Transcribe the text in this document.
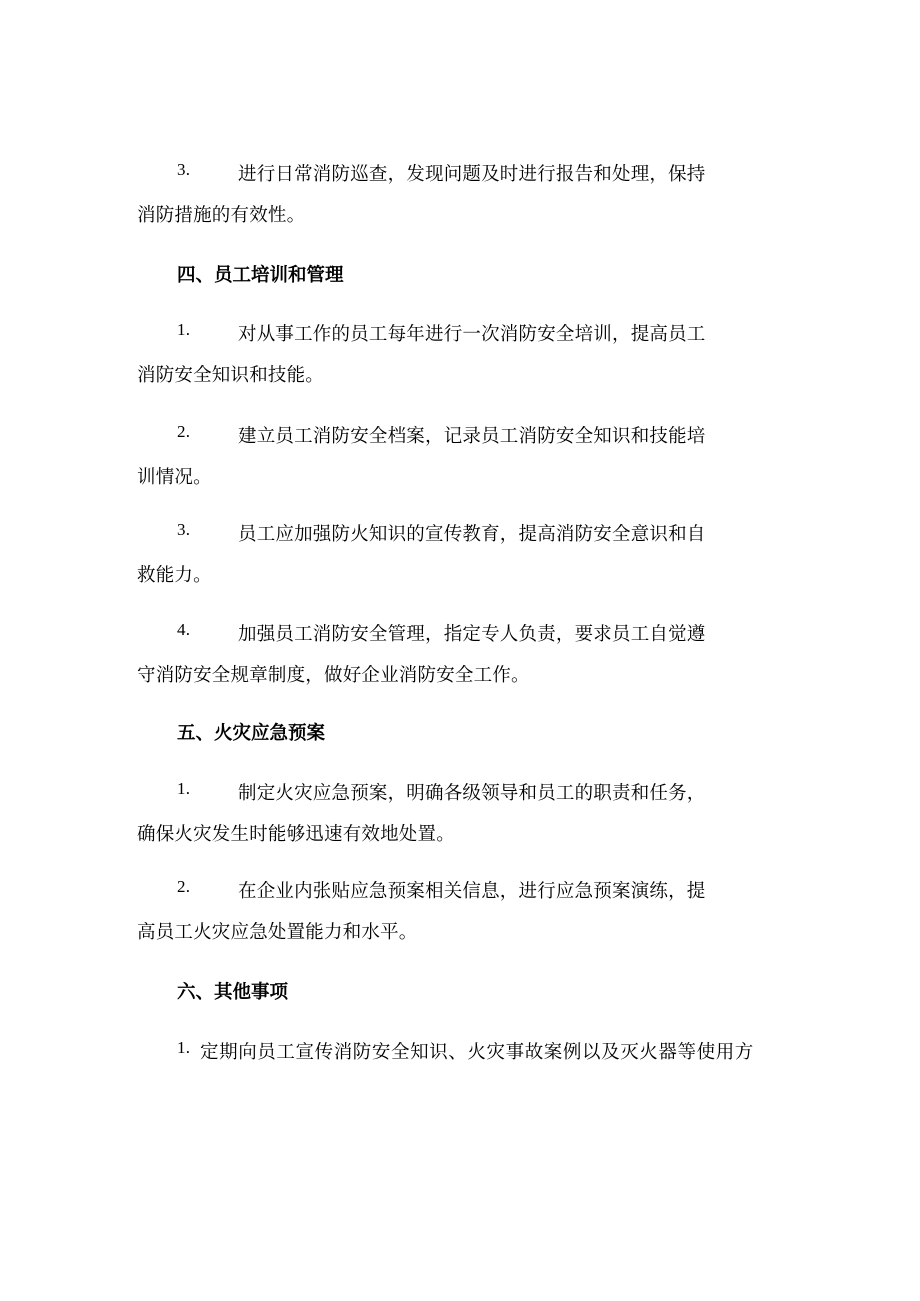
3.	进行日常消防巡查，发现问题及时进行报告和处理，保持
消防措施的有效性。
四、员工培训和管理
1.	对从事工作的员工每年进行一次消防安全培训，提高员工
消防安全知识和技能。
2.	建立员工消防安全档案，记录员工消防安全知识和技能培
训情况。
3.	员工应加强防火知识的宣传教育，提高消防安全意识和自
救能力。
4.	加强员工消防安全管理，指定专人负责，要求员工自觉遵
守消防安全规章制度，做好企业消防安全工作。
五、火灾应急预案
1.	制定火灾应急预案，明确各级领导和员工的职责和任务，
确保火灾发生时能够迅速有效地处置。
2.	在企业内张贴应急预案相关信息，进行应急预案演练，提
高员工火灾应急处置能力和水平。
六、其他事项
1. 定期向员工宣传消防安全知识、火灾事故案例以及灭火器等使用方
